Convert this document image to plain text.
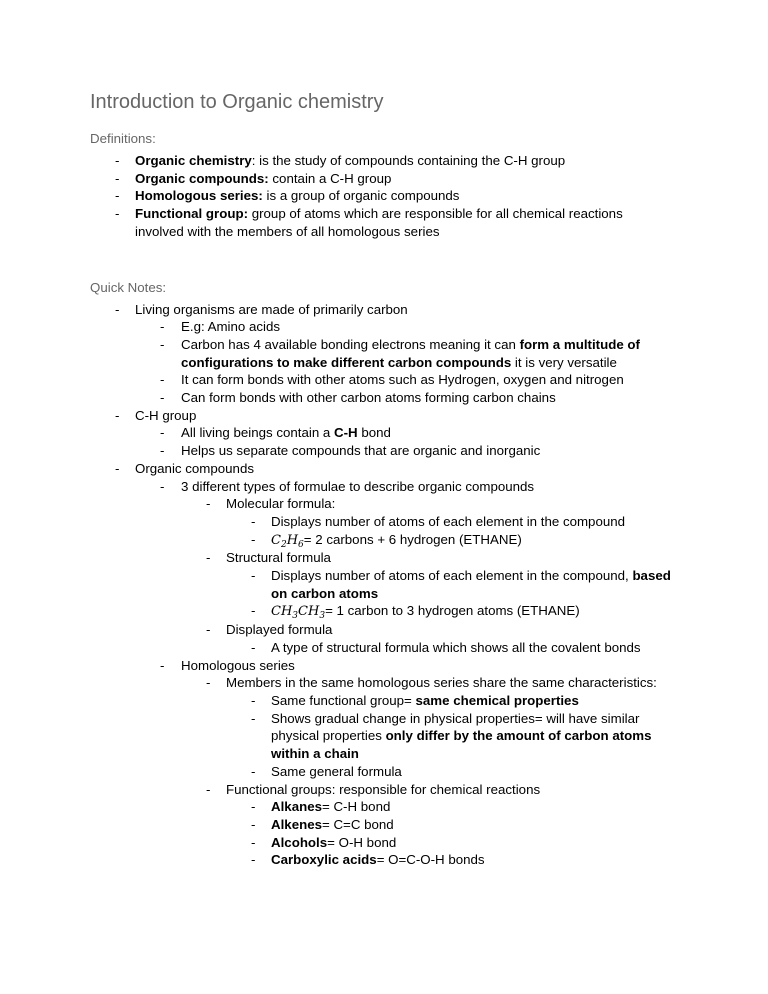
Introduction to Organic chemistry

Definitions:

-	Organic chemistry: is the study of compounds containing the C-H group
-	Organic compounds: contain a C-H group
-	Homologous series: is a group of organic compounds
-	Functional group: group of atoms which are responsible for all chemical reactions involved with the members of all homologous series

Quick Notes:

-	Living organisms are made of primarily carbon
-	E.g: Amino acids
-	Carbon has 4 available bonding electrons meaning it can form a multitude of configurations to make different carbon compounds it is very versatile
-	It can form bonds with other atoms such as Hydrogen, oxygen and nitrogen
-	Can form bonds with other carbon atoms forming carbon chains
-	C-H group
-	All living beings contain a C-H bond
-	Helps us separate compounds that are organic and inorganic
-	Organic compounds
-	3 different types of formulae to describe organic compounds
-	Molecular formula:
-	Displays number of atoms of each element in the compound
-	$C_2H_6= 2$ carbons + 6 hydrogen (ETHANE)
-	Structural formula
-	Displays number of atoms of each element in the compound, based on carbon atoms
-	$CH_3CH_3= 1$ carbon to 3 hydrogen atoms (ETHANE)
-	Displayed formula
-	A type of structural formula which shows all the covalent bonds
-	Homologous series
-	Members in the same homologous series share the same characteristics:
-	Same functional group= same chemical properties
-	Shows gradual change in physical properties= will have similar physical properties only differ by the amount of carbon atoms within a chain
-	Same general formula
-	Functional groups: responsible for chemical reactions
-	Alkanes= C-H bond
-	Alkenes= C=C bond
-	Alcohols= O-H bond
-	Carboxylic acids= O=C-O-H bonds
